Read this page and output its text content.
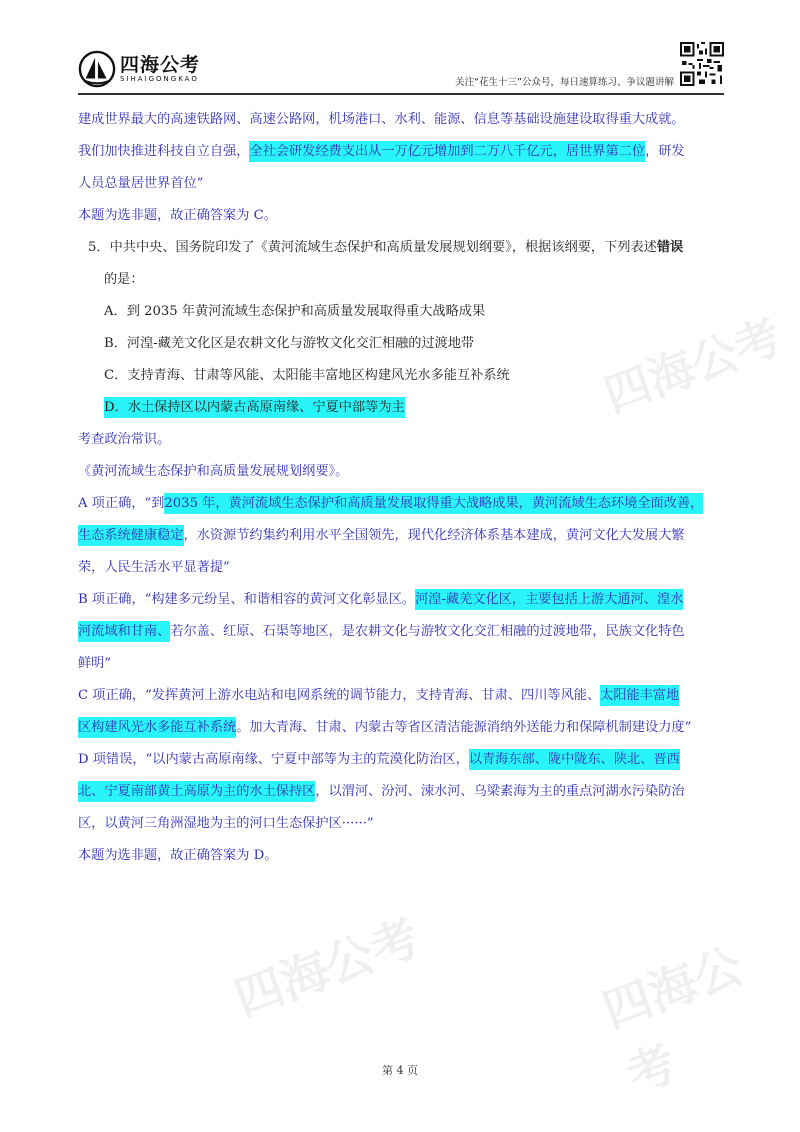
四海公考
四海公考	四海公考
四海公考
SIHAIGONGKAO	关注“花生十三”公众号，每日速算练习、争议题讲解
建成世界最大的高速铁路网、高速公路网，机场港口、水利、能源、信息等基础设施建设取得重大成就。
我们加快推进科技自立自强，全社会研发经费支出从一万亿元增加到二万八千亿元，居世界第二位，研发
人员总量居世界首位”
本题为选非题，故正确答案为 C。
5．中共中央、国务院印发了《黄河流域生态保护和高质量发展规划纲要》，根据该纲要，下列表述错误
的是：
A．到 2035 年黄河流域生态保护和高质量发展取得重大战略成果
B．河湟-藏羌文化区是农耕文化与游牧文化交汇相融的过渡地带
C．支持青海、甘肃等风能、太阳能丰富地区构建风光水多能互补系统
D．水土保持区以内蒙古高原南缘、宁夏中部等为主
考查政治常识。
《黄河流域生态保护和高质量发展规划纲要》。
A 项正确，“到2035 年，黄河流域生态保护和高质量发展取得重大战略成果，黄河流域生态环境全面改善，
生态系统健康稳定，水资源节约集约利用水平全国领先，现代化经济体系基本建成，黄河文化大发展大繁
荣，人民生活水平显著提”
B 项正确，“构建多元纷呈、和谐相容的黄河文化彰显区。河湟-藏羌文化区，主要包括上游大通河、湟水
河流域和甘南、若尔盖、红原、石渠等地区，是农耕文化与游牧文化交汇相融的过渡地带，民族文化特色
鲜明”
C 项正确，“发挥黄河上游水电站和电网系统的调节能力，支持青海、甘肃、四川等风能、太阳能丰富地
区构建风光水多能互补系统。加大青海、甘肃、内蒙古等省区清洁能源消纳外送能力和保障机制建设力度”
D 项错误，“以内蒙古高原南缘、宁夏中部等为主的荒漠化防治区，以青海东部、陇中陇东、陕北、晋西
北、宁夏南部黄土高原为主的水土保持区，以渭河、汾河、涑水河、乌梁素海为主的重点河湖水污染防治
区，以黄河三角洲湿地为主的河口生态保护区······”
本题为选非题，故正确答案为 D。
第 4 页
